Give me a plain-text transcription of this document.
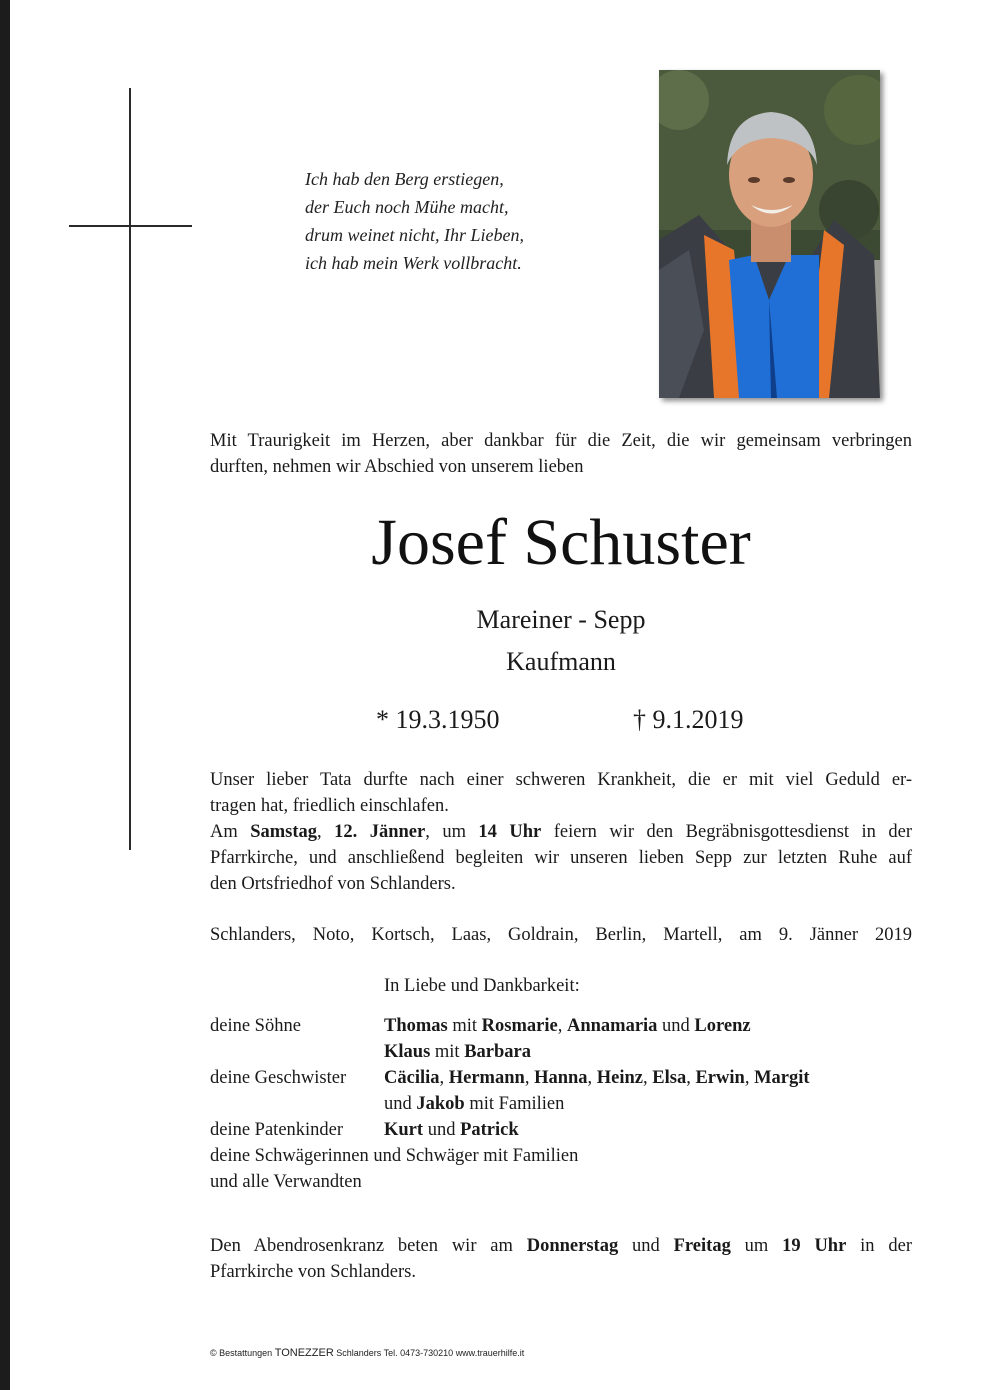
Ich hab den Berg erstiegen,
der Euch noch Mühe macht,
drum weinet nicht, Ihr Lieben,
ich hab mein Werk vollbracht.
Mit Traurigkeit im Herzen, aber dankbar für die Zeit, die wir gemeinsam verbringen
durften, nehmen wir Abschied von unserem lieben
Josef Schuster
Mareiner - Sepp
Kaufmann
* 19.3.1950	† 9.1.2019
Unser lieber Tata durfte nach einer schweren Krankheit, die er mit viel Geduld er-
tragen hat, friedlich einschlafen.
Am Samstag, 12. Jänner, um 14 Uhr feiern wir den Begräbnisgottesdienst in der
Pfarrkirche, und anschließend begleiten wir unseren lieben Sepp zur letzten Ruhe auf
den Ortsfriedhof von Schlanders.
Schlanders, Noto, Kortsch, Laas, Goldrain, Berlin, Martell, am 9. Jänner 2019
In Liebe und Dankbarkeit:
deine Söhne	Thomas mit Rosmarie, Annamaria und Lorenz
Klaus mit Barbara
deine Geschwister Cäcilia, Hermann, Hanna, Heinz, Elsa, Erwin, Margit
und Jakob mit Familien
deine Patenkinder Kurt und Patrick
deine Schwägerinnen und Schwäger mit Familien
und alle Verwandten
Den Abendrosenkranz beten wir am Donnerstag und Freitag um 19 Uhr in der
Pfarrkirche von Schlanders.
© Bestattungen TONEZZER Schlanders Tel. 0473-730210 www.trauerhilfe.it
